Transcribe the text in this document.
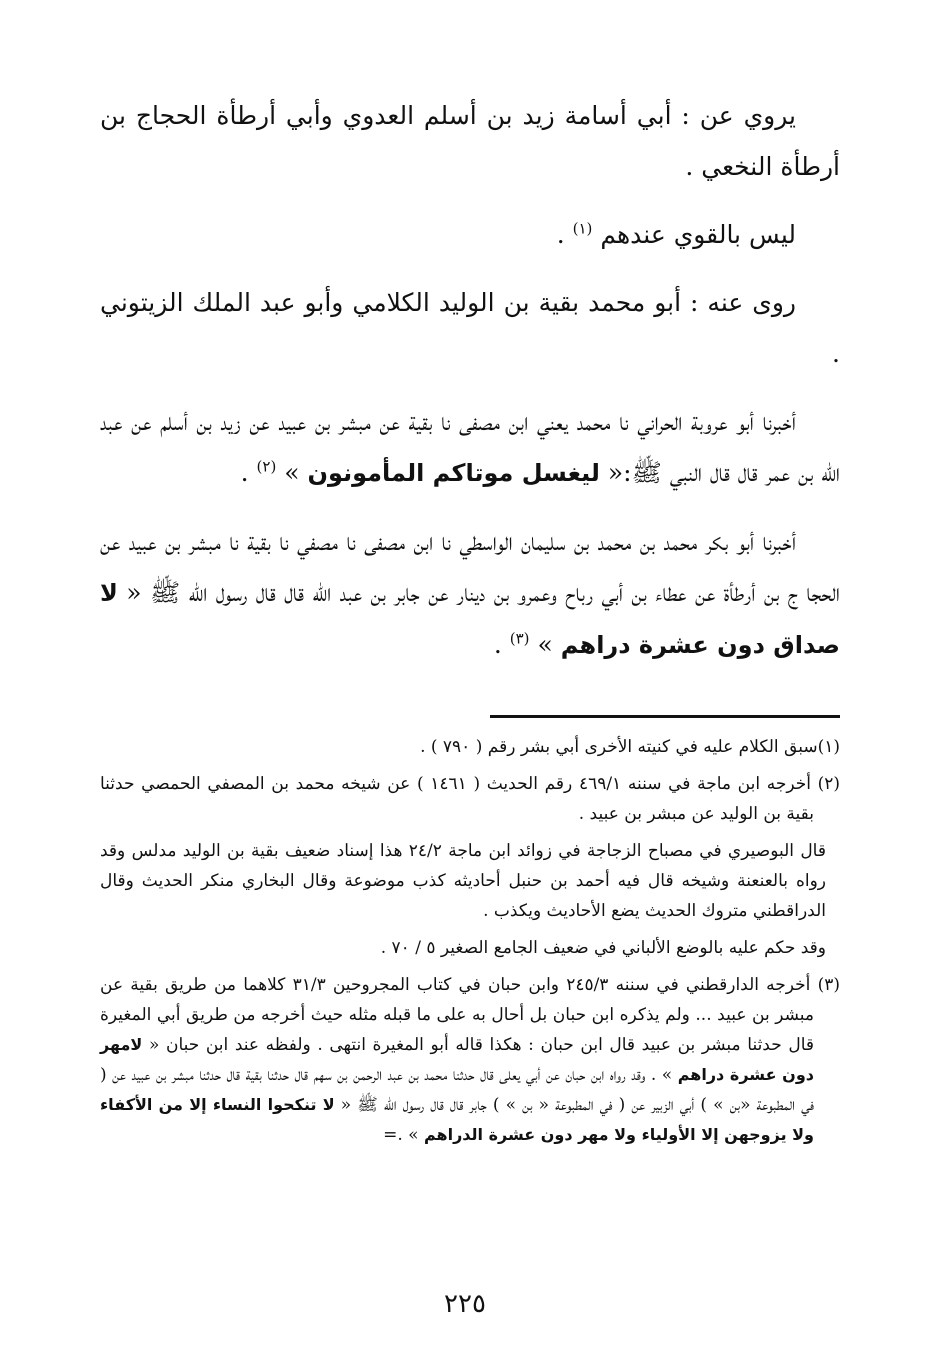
يروي عن : أبي أسامة زيد بن أسلم العدوي وأبي أرطأة الحجاج بن أرطأة النخعي .

ليس بالقوي عندهم $^{(١)}$ .

روى عنه : أبو محمد بقية بن الوليد الكلامي وأبو عبد الملك الزيتوني .

أخبرنا أبو عروبة الحراني نا محمد يعني ابن مصفى نا بقية عن مبشر بن عبيد عن زيد بن أسلم عن عبد الله بن عمر قال قال النبي ﷺ:« ليغسل موتاكم المأمونون » $^{(٢)}$ .

أخبرنا أبو بكر محمد بن محمد بن سليمان الواسطي نا ابن مصفى نا مصفي نا بقية نا مبشر بن عبيد عن الحجا ج بن أرطأة عن عطاء بن أبي رباح وعمرو بن دينار عن جابر بن عبد الله قال قال رسول الله ﷺ « لا صداق دون عشرة دراهم » $^{(٣)}$ .

(١)سبق الكلام عليه في كنيته الأخرى أبي بشر رقم ( ٧٩٠ ) .

(٢) أخرجه ابن ماجة في سننه ٤٦٩/١ رقم الحديث ( ١٤٦١ ) عن شيخه محمد بن المصفي الحمصي حدثنا بقية بن الوليد عن مبشر بن عبيد .

قال البوصيري في مصباح الزجاجة في زوائد ابن ماجة ٢٤/٢ هذا إسناد ضعيف بقية بن الوليد مدلس وقد رواه بالعنعنة وشيخه قال فيه أحمد بن حنبل أحاديثه كذب موضوعة وقال البخاري منكر الحديث وقال الدراقطني متروك الحديث يضع الأحاديث ويكذب .

وقد حكم عليه بالوضع الألباني في ضعيف الجامع الصغير ٥ / ٧٠ .

(٣) أخرجه الدارقطني في سننه ٢٤٥/٣ وابن حبان في كتاب المجروحين ٣١/٣ كلاهما من طريق بقية عن مبشر بن عبيد ... ولم يذكره ابن حبان بل أحال به على ما قبله مثله حيث أخرجه من طريق أبي المغيرة قال حدثنا مبشر بن عبيد قال ابن حبان : هكذا قاله أبو المغيرة انتهى . ولفظه عند ابن حبان « لامهر دون عشرة دراهم » . وقد رواه ابن حبان عن أبي يعلى قال حدثنا محمد بن عبد الرحمن بن سهم قال حدثنا بقية قال حدثنا مبشر بن عبيد عن ( في المطبوعة «بن » ) أبي الزبير عن ( في المطبوعة « بن » ) جابر قال قال رسول الله ﷺ « لا تنكحوا النساء إلا من الأكفاء ولا يزوجهن إلا الأولياء ولا مهر دون عشرة الدراهم » .=

٢٢٥
